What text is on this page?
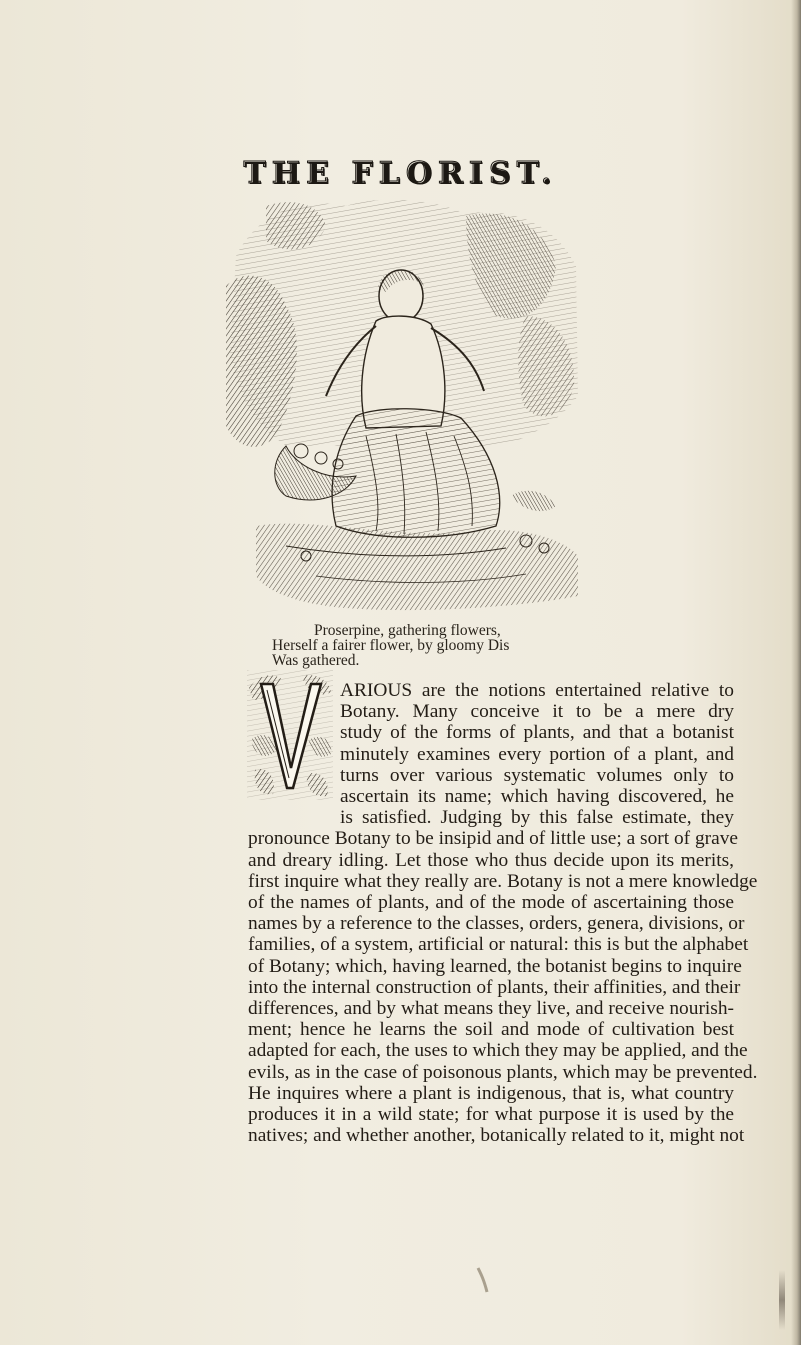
THE FLORIST.
Proserpine, gathering flowers,
Herself a fairer flower, by gloomy Dis
Was gathered.
ARIOUS are the notions entertained relative to
Botany. Many conceive it to be a mere dry
study of the forms of plants, and that a botanist
minutely examines every portion of a plant, and
turns over various systematic volumes only to
ascertain its name; which having discovered, he
is satisfied. Judging by this false estimate, they
pronounce Botany to be insipid and of little use; a sort of grave
and dreary idling. Let those who thus decide upon its merits,
first inquire what they really are. Botany is not a mere knowledge
of the names of plants, and of the mode of ascertaining those
names by a reference to the classes, orders, genera, divisions, or
families, of a system, artificial or natural: this is but the alphabet
of Botany; which, having learned, the botanist begins to inquire
into the internal construction of plants, their affinities, and their
differences, and by what means they live, and receive nourish-
ment; hence he learns the soil and mode of cultivation best
adapted for each, the uses to which they may be applied, and the
evils, as in the case of poisonous plants, which may be prevented.
He inquires where a plant is indigenous, that is, what country
produces it in a wild state; for what purpose it is used by the
natives; and whether another, botanically related to it, might not
